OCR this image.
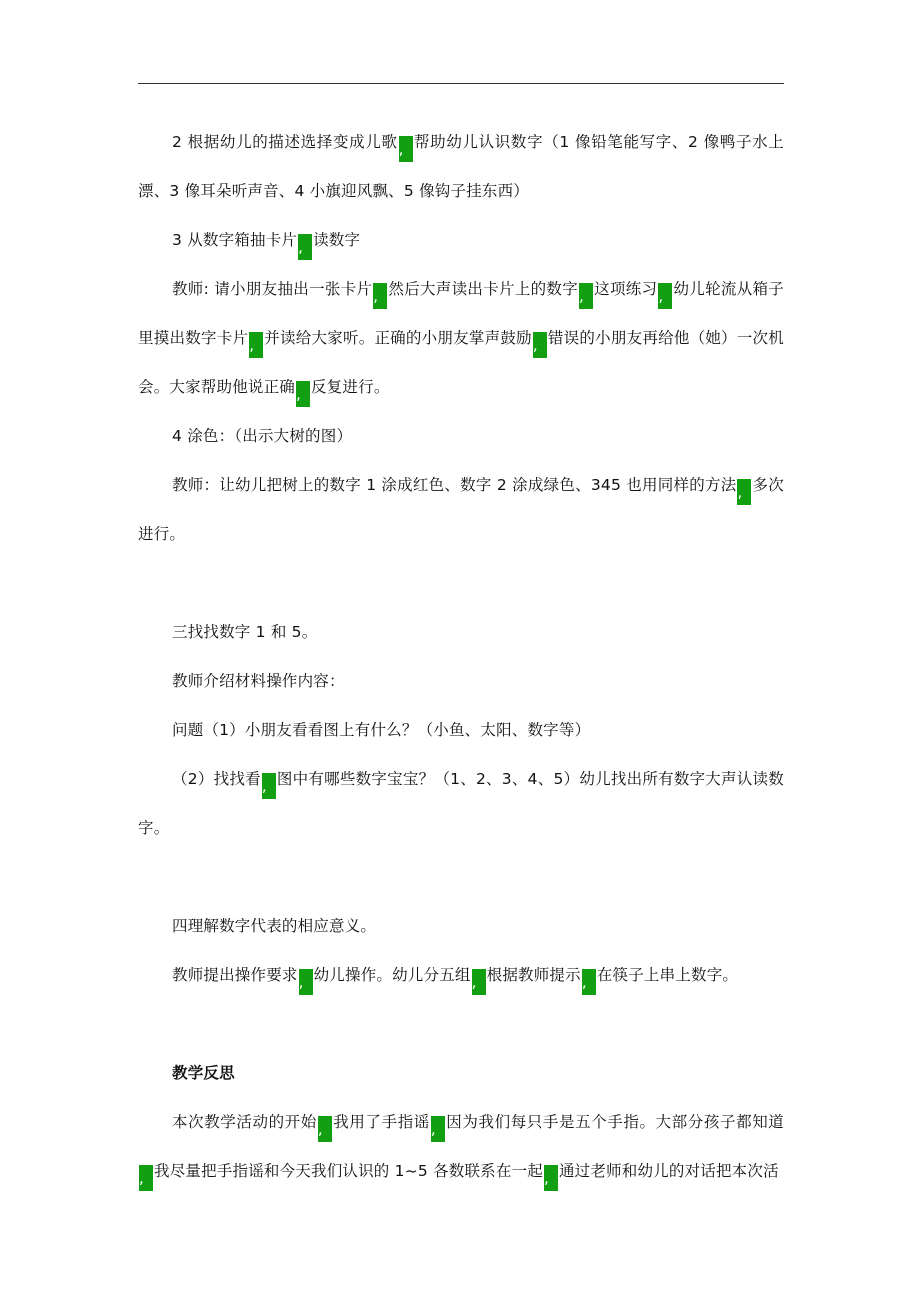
2 根据幼儿的描述选择变成儿歌, 帮助幼儿认识数字（1 像铅笔能写字、2 像鸭子水上漂、3 像耳朵听声音、4 小旗迎风飘、5 像钩子挂东西）

3 从数字箱抽卡片, 读数字

教师: 请小朋友抽出一张卡片, 然后大声读出卡片上的数字, 这项练习, 幼儿轮流从箱子里摸出数字卡片, 并读给大家听。正确的小朋友掌声鼓励, 错误的小朋友再给他（她）一次机会。大家帮助他说正确, 反复进行。

4 涂色：（出示大树的图）

教师：让幼儿把树上的数字 1 涂成红色、数字 2 涂成绿色、345 也用同样的方法, 多次进行。

三找找数字 1 和 5。

教师介绍材料操作内容：

问题（1）小朋友看看图上有什么？（小鱼、太阳、数字等）

（2）找找看, 图中有哪些数字宝宝？（1、2、3、4、5）幼儿找出所有数字大声认读数字。

四理解数字代表的相应意义。

教师提出操作要求, 幼儿操作。幼儿分五组, 根据教师提示, 在筷子上串上数字。

教学反思

本次教学活动的开始, 我用了手指谣, 因为我们每只手是五个手指。大部分孩子都知道, 我尽量把手指谣和今天我们认识的 1~5 各数联系在一起, 通过老师和幼儿的对话把本次活
